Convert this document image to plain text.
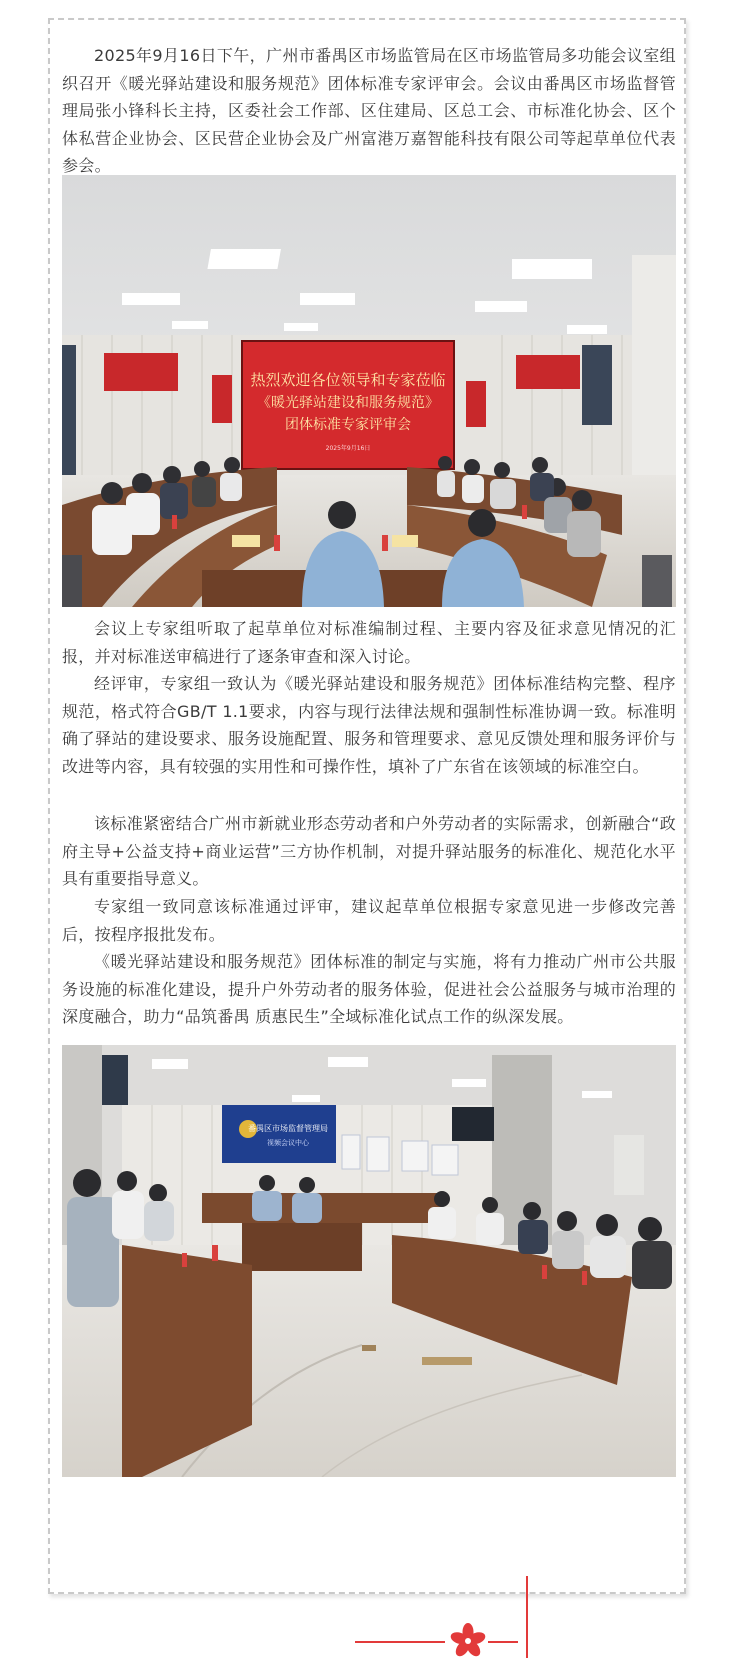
2025年9月16日下午，广州市番禺区市场监管局在区市场监管局多功能会议室组织召开《暖光驿站建设和服务规范》团体标准专家评审会。会议由番禺区市场监督管理局张小锋科长主持，区委社会工作部、区住建局、区总工会、市标准化协会、区个体私营企业协会、区民营企业协会及广州富港万嘉智能科技有限公司等起草单位代表参会。

热烈欢迎各位领导和专家莅临
《暖光驿站建设和服务规范》
团体标准专家评审会
2025年9月16日

会议上专家组听取了起草单位对标准编制过程、主要内容及征求意见情况的汇报，并对标准送审稿进行了逐条审查和深入讨论。

经评审，专家组一致认为《暖光驿站建设和服务规范》团体标准结构完整、程序规范，格式符合GB/T 1.1要求，内容与现行法律法规和强制性标准协调一致。标准明确了驿站的建设要求、服务设施配置、服务和管理要求、意见反馈处理和服务评价与改进等内容，具有较强的实用性和可操作性，填补了广东省在该领域的标准空白。

该标准紧密结合广州市新就业形态劳动者和户外劳动者的实际需求，创新融合“政府主导+公益支持+商业运营”三方协作机制，对提升驿站服务的标准化、规范化水平具有重要指导意义。

专家组一致同意该标准通过评审，建议起草单位根据专家意见进一步修改完善后，按程序报批发布。

《暖光驿站建设和服务规范》团体标准的制定与实施，将有力推动广州市公共服务设施的标准化建设，提升户外劳动者的服务体验，促进社会公益服务与城市治理的深度融合，助力“品筑番禺 质惠民生”全域标准化试点工作的纵深发展。

番禺区市场监督管理局
视频会议中心
